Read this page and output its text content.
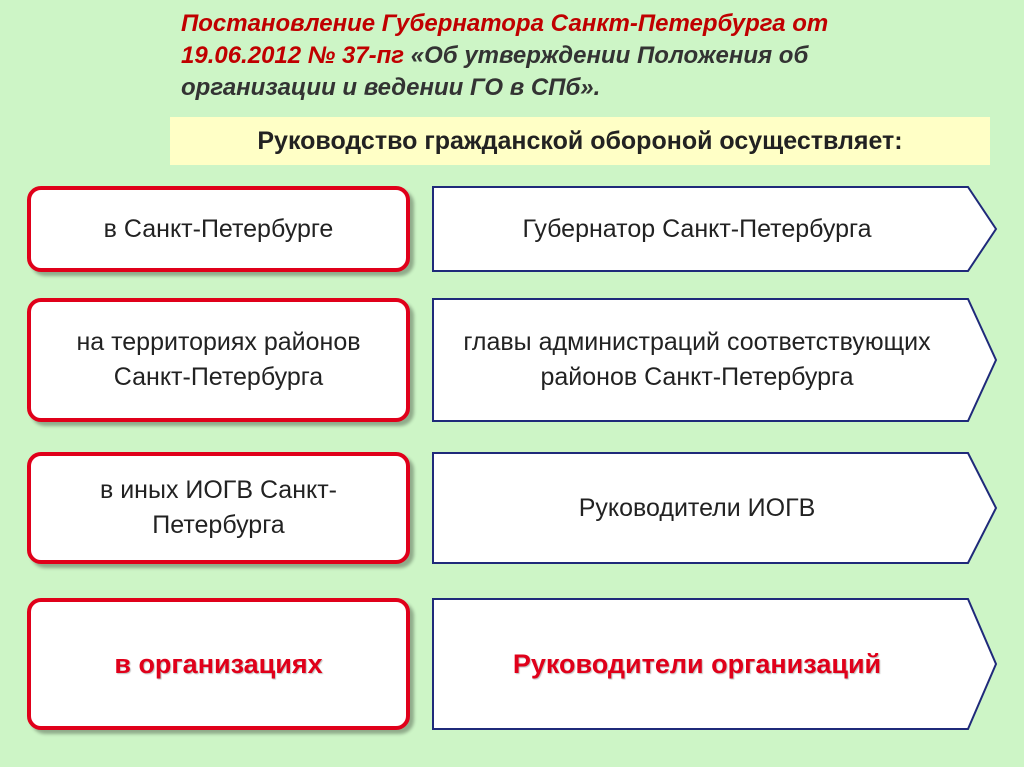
Постановление Губернатора Санкт-Петербурга от 19.06.2012 № 37-пг «Об утверждении Положения об организации и ведении ГО в СПб».
Руководство гражданской обороной осуществляет:
в Санкт-Петербурге	Губернатор Санкт-Петербурга
на территориях районов Санкт-Петербурга
главы администраций соответствующих районов Санкт-Петербурга
в иных ИОГВ Санкт-Петербурга
Руководители ИОГВ
в организациях	Руководители организаций
